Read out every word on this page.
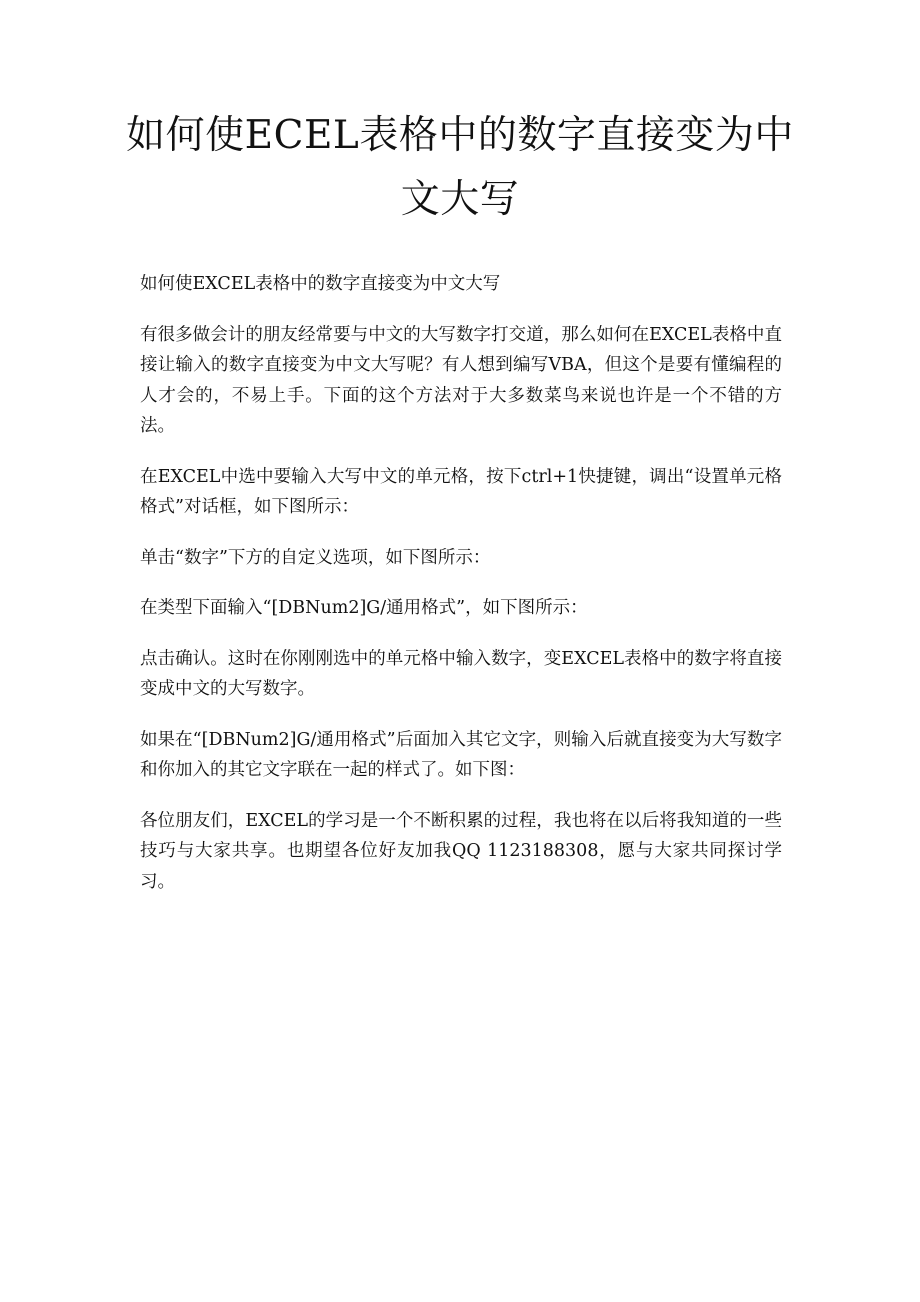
如何使ECEL表格中的数字直接变为中文大写

如何使EXCEL表格中的数字直接变为中文大写

有很多做会计的朋友经常要与中文的大写数字打交道，那么如何在EXCEL表格中直接让输入的数字直接变为中文大写呢？有人想到编写VBA，但这个是要有懂编程的人才会的，不易上手。下面的这个方法对于大多数菜鸟来说也许是一个不错的方法。

在EXCEL中选中要输入大写中文的单元格，按下ctrl+1快捷键，调出“设置单元格格式”对话框，如下图所示：

单击“数字”下方的自定义选项，如下图所示：

在类型下面输入“[DBNum2]G/通用格式”，如下图所示：

点击确认。这时在你刚刚选中的单元格中输入数字，变EXCEL表格中的数字将直接变成中文的大写数字。

如果在“[DBNum2]G/通用格式”后面加入其它文字，则输入后就直接变为大写数字和你加入的其它文字联在一起的样式了。如下图：

各位朋友们，EXCEL的学习是一个不断积累的过程，我也将在以后将我知道的一些技巧与大家共享。也期望各位好友加我QQ 1123188308，愿与大家共同探讨学习。
